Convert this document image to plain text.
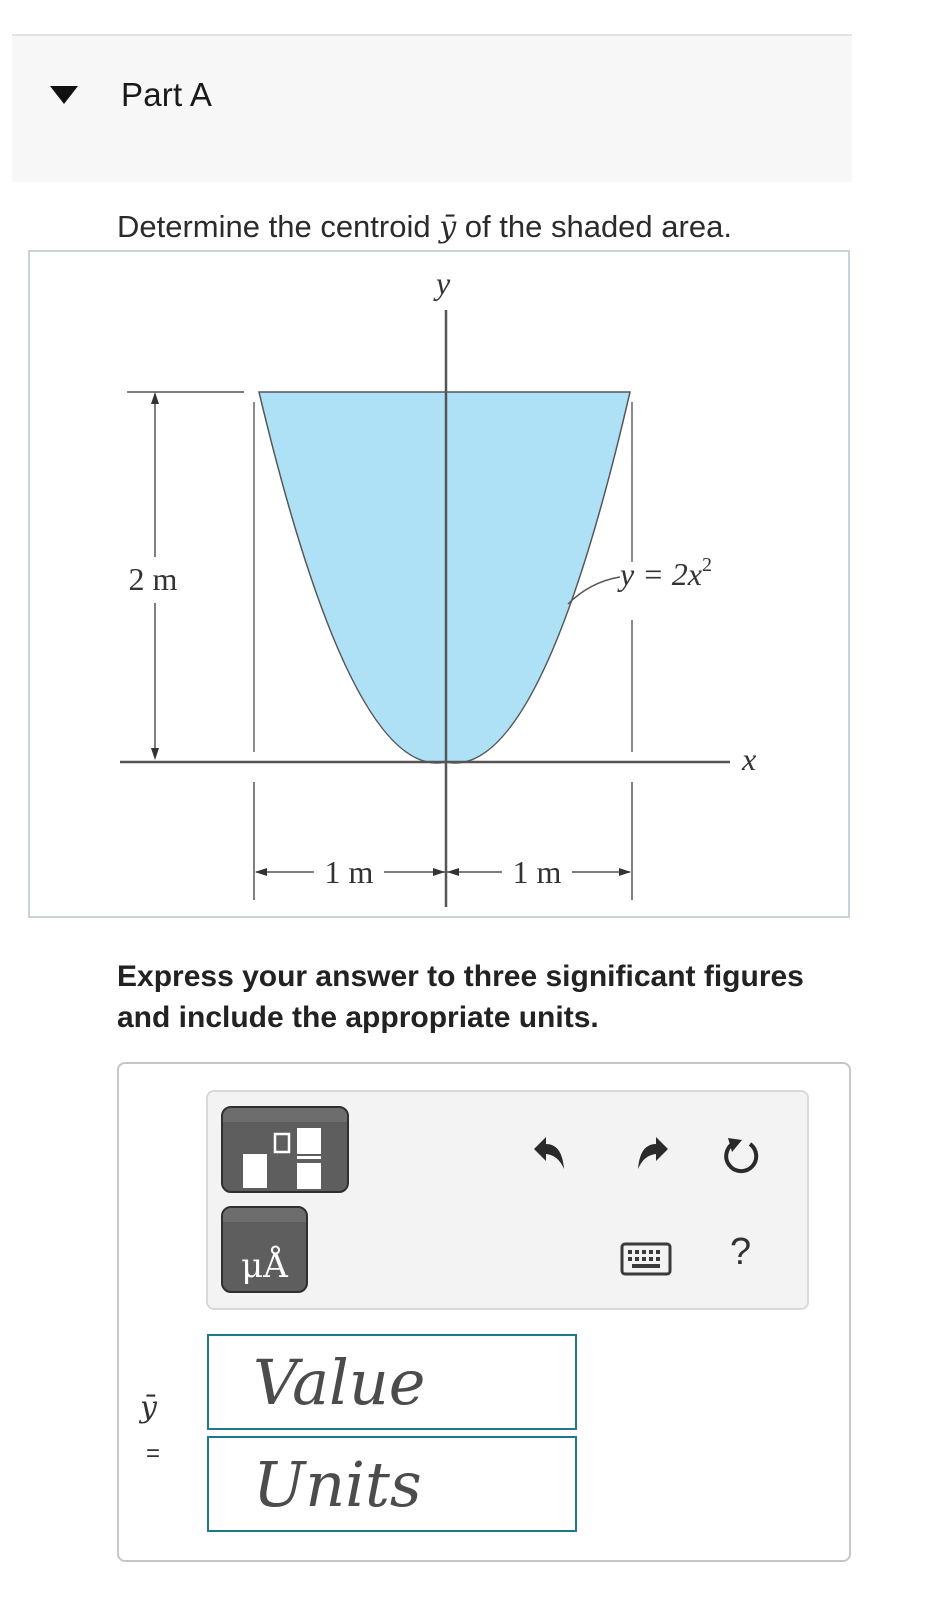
Part A
Determine the centroid ȳ of the shaded area.
2 m
x
y
$y = 2x^2$
1 m	1 m
Express your answer to three significant figures and include the appropriate units.
μÅ	?
ȳ
=
Value
Units
